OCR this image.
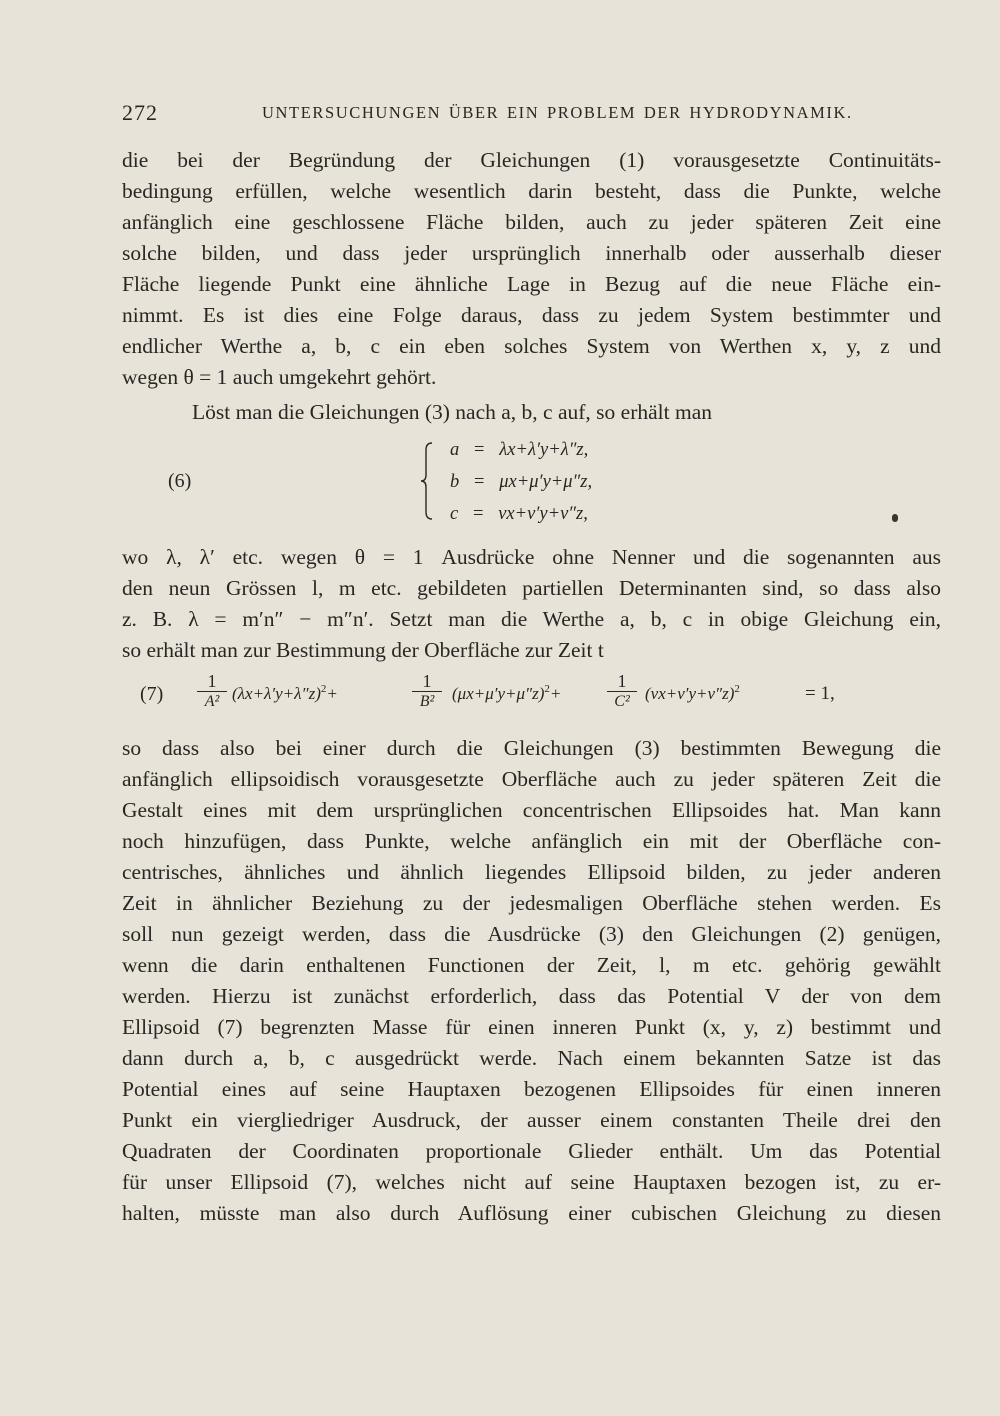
272	UNTERSUCHUNGEN ÜBER EIN PROBLEM DER HYDRODYNAMIK.
die bei der Begründung der Gleichungen (1) vorausgesetzte Continuitäts-
bedingung erfüllen, welche wesentlich darin besteht, dass die Punkte, welche
anfänglich eine geschlossene Fläche bilden, auch zu jeder späteren Zeit eine
solche bilden, und dass jeder ursprünglich innerhalb oder ausserhalb dieser
Fläche liegende Punkt eine ähnliche Lage in Bezug auf die neue Fläche ein-
nimmt. Es ist dies eine Folge daraus, dass zu jedem System bestimmter und
endlicher Werthe a, b, c ein eben solches System von Werthen x, y, z und
wegen θ = 1 auch umgekehrt gehört.
Löst man die Gleichungen (3) nach a, b, c auf, so erhält man
(6)
a = λx+λ′y+λ″z,
b = μx+μ′y+μ″z,
c = νx+ν′y+ν″z,
wo λ, λ′ etc. wegen θ = 1 Ausdrücke ohne Nenner und die sogenannten aus
den neun Grössen l, m etc. gebildeten partiellen Determinanten sind, so dass also
z. B. λ = m′n″ − m″n′. Setzt man die Werthe a, b, c in obige Gleichung ein,
so erhält man zur Bestimmung der Oberfläche zur Zeit t
$(7) \frac{1}{\text{A²}} (\lambda x+\lambda'y+\lambda''z)^2+$	$\frac{1}{\text{B²}} (\mu x+\mu'y+\mu''z)^2+$	$\frac{1}{\text{C²}} (\nu x+\nu'y+\nu''z)^2$	= 1,
so dass also bei einer durch die Gleichungen (3) bestimmten Bewegung die
anfänglich ellipsoidisch vorausgesetzte Oberfläche auch zu jeder späteren Zeit die
Gestalt eines mit dem ursprünglichen concentrischen Ellipsoides hat. Man kann
noch hinzufügen, dass Punkte, welche anfänglich ein mit der Oberfläche con-
centrisches, ähnliches und ähnlich liegendes Ellipsoid bilden, zu jeder anderen
Zeit in ähnlicher Beziehung zu der jedesmaligen Oberfläche stehen werden. Es
soll nun gezeigt werden, dass die Ausdrücke (3) den Gleichungen (2) genügen,
wenn die darin enthaltenen Functionen der Zeit, l, m etc. gehörig gewählt
werden. Hierzu ist zunächst erforderlich, dass das Potential V der von dem
Ellipsoid (7) begrenzten Masse für einen inneren Punkt (x, y, z) bestimmt und
dann durch a, b, c ausgedrückt werde. Nach einem bekannten Satze ist das
Potential eines auf seine Hauptaxen bezogenen Ellipsoides für einen inneren
Punkt ein viergliedriger Ausdruck, der ausser einem constanten Theile drei den
Quadraten der Coordinaten proportionale Glieder enthält. Um das Potential
für unser Ellipsoid (7), welches nicht auf seine Hauptaxen bezogen ist, zu er-
halten, müsste man also durch Auflösung einer cubischen Gleichung zu diesen
